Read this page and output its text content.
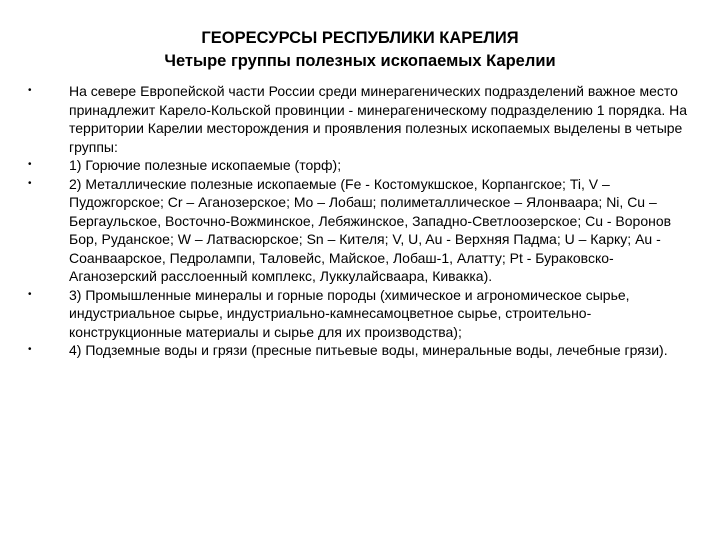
ГЕОРЕСУРСЫ РЕСПУБЛИКИ КАРЕЛИЯ
Четыре группы полезных ископаемых Карелии
•	На севере Европейской части России среди минерагенических подразделений важное место принадлежит Карело-Кольской провинции - минерагеническому подразделению 1 порядка. На территории Карелии месторождения и проявления полезных ископаемых выделены в четыре группы:
•	1) Горючие полезные ископаемые (торф);
•	2) Металлические полезные ископаемые (Fe - Костомукшское, Корпангское; Ti, V – Пудожгорское; Cr – Аганозерское; Mo – Лобаш; полиметаллическое – Ялонваара; Ni, Cu – Бергаульское, Восточно-Вожминское, Лебяжинское, Западно-Светлоозерское; Cu - Воронов Бор, Руданское; W – Латвасюрское; Sn – Кителя; V, U, Au - Верхняя Падма; U – Карку; Au - Соанваарское, Педролампи, Таловейс, Майское, Лобаш-1, Алатту; Pt - Бураковско-Аганозерский расслоенный комплекс, Луккулайсваара, Кивакка).
•	3) Промышленные минералы и горные породы (химическое и агрономическое сырье, индустриальное сырье, индустриально-камнесамоцветное сырье, строительно-конструкционные материалы и сырье для их производства);
•	4) Подземные воды и грязи (пресные питьевые воды, минеральные воды, лечебные грязи).
